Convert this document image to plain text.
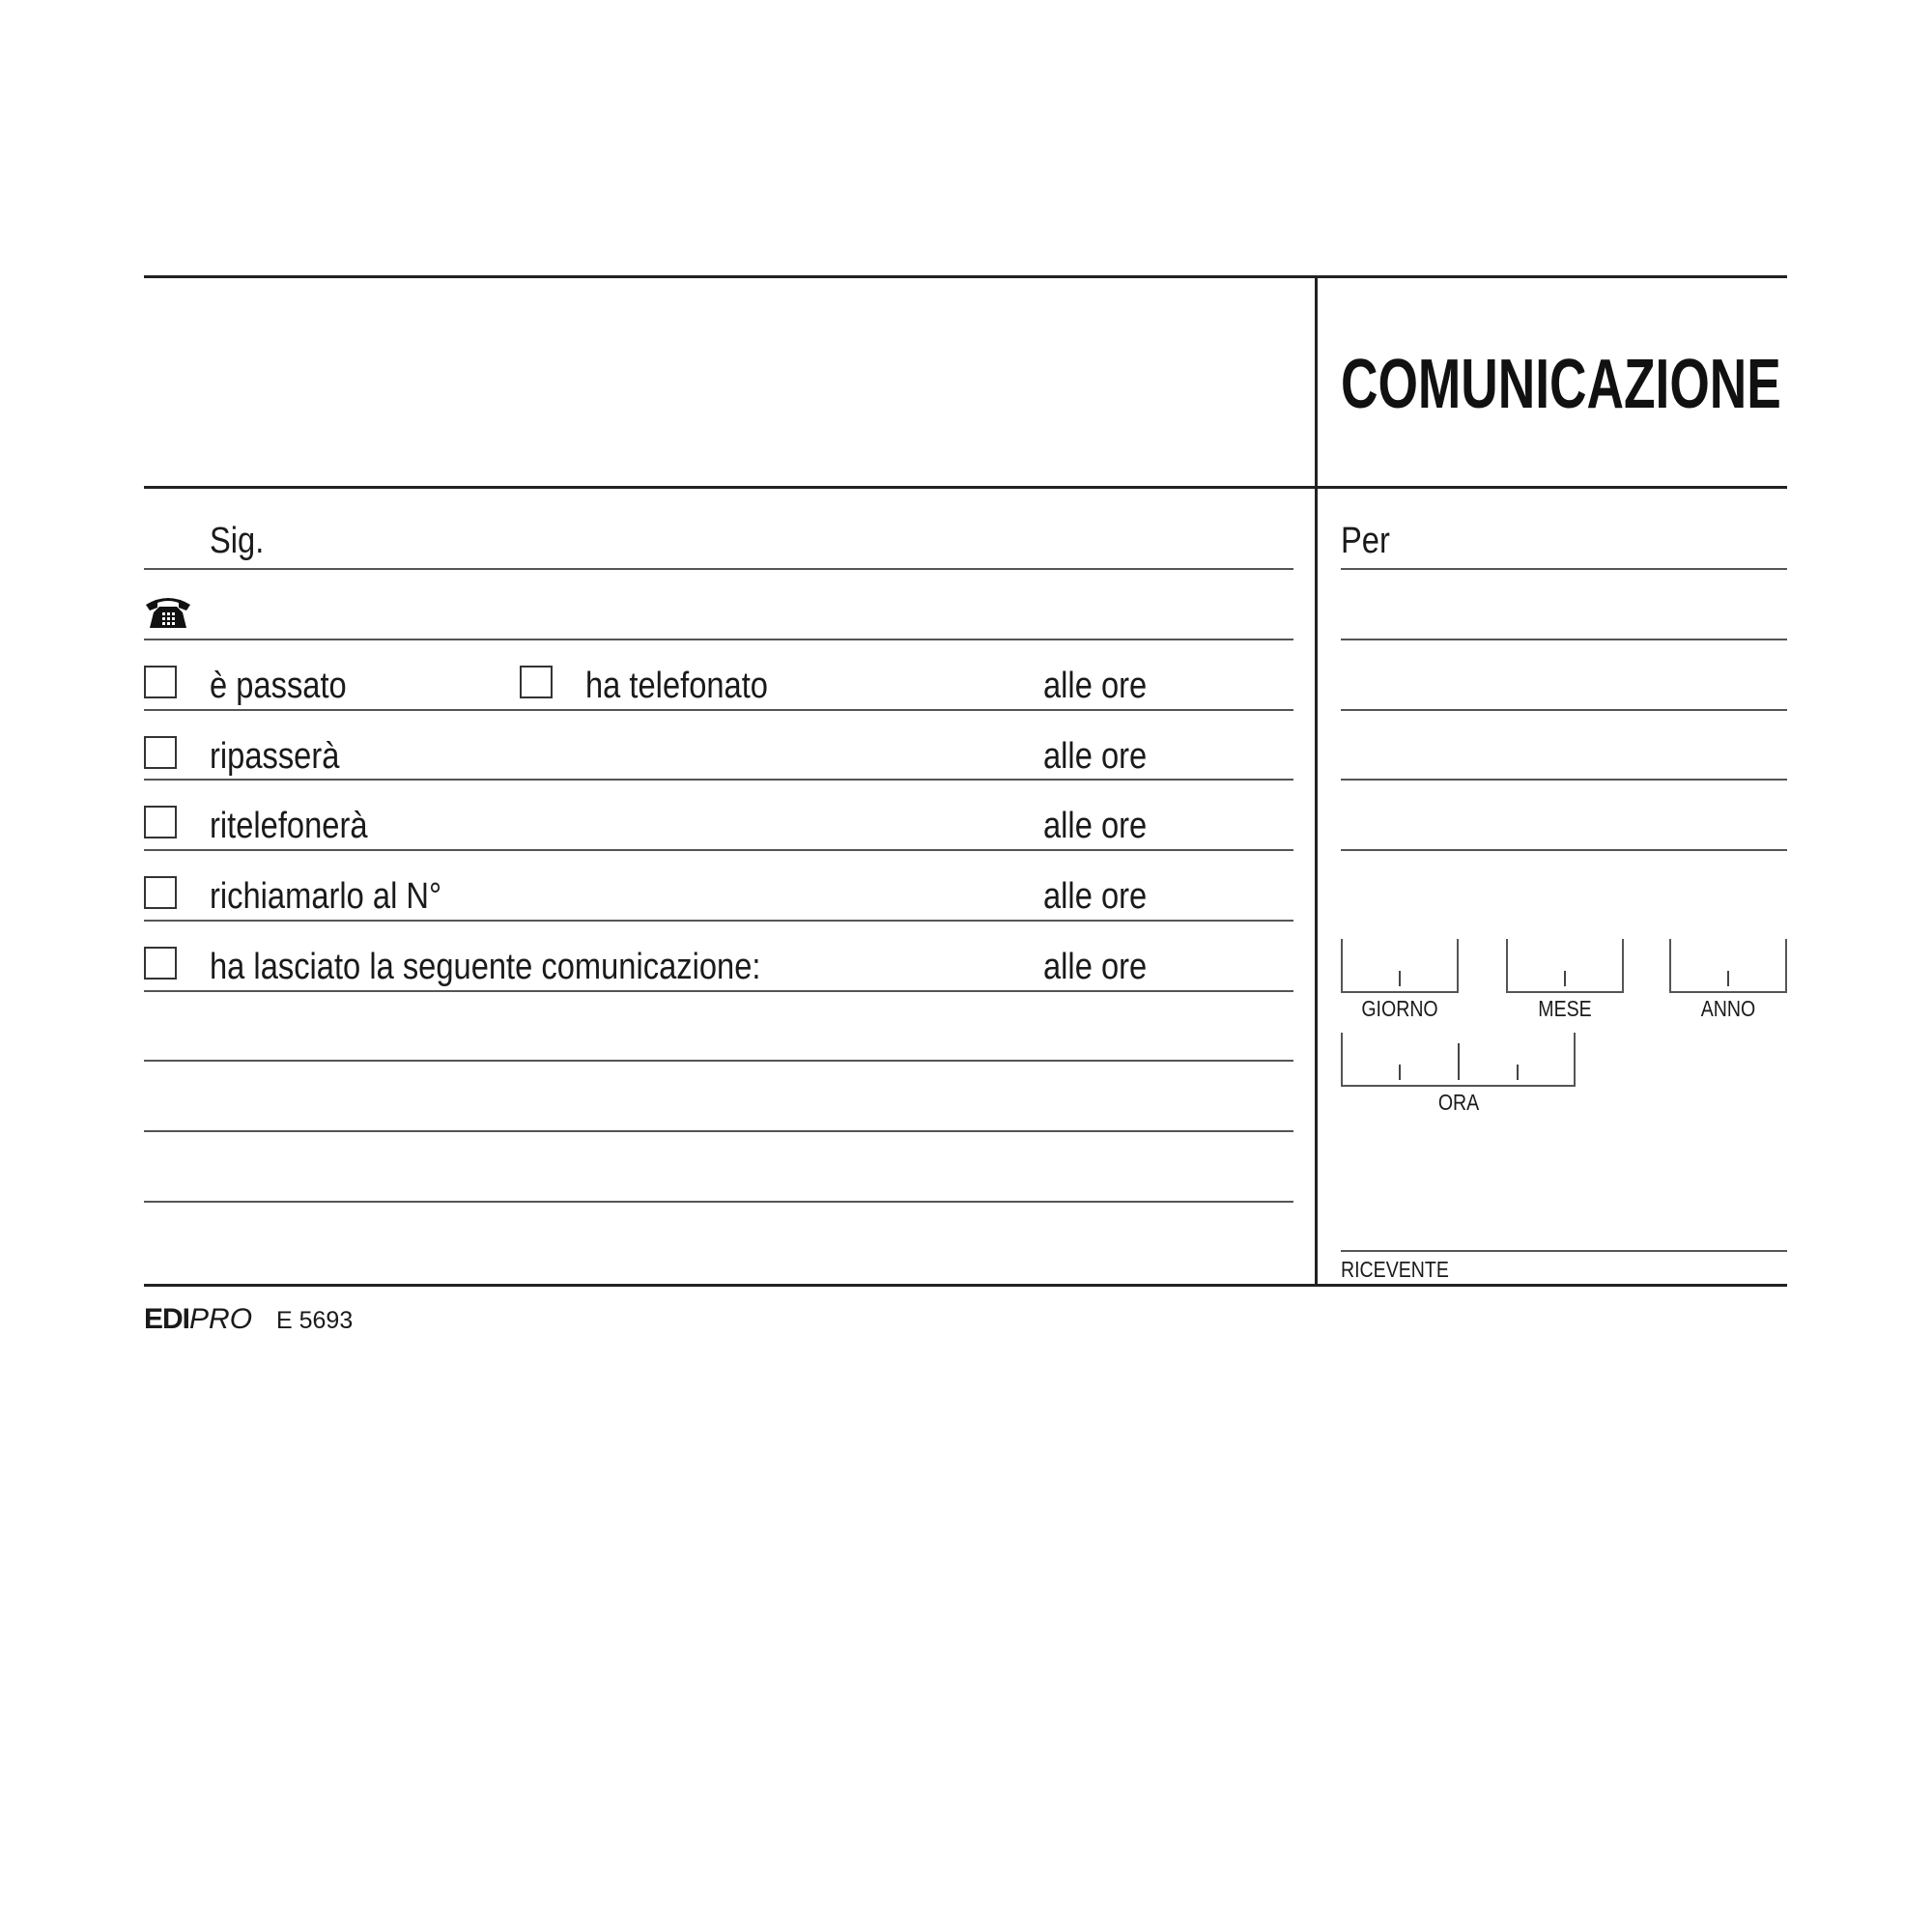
COMUNICAZIONE
Sig.
è passato	ha telefonato	alle ore
ripasserà	alle ore
ritelefonerà	alle ore
richiamarlo al N°	alle ore
ha lasciato la seguente comunicazione:	alle ore
Per
GIORNO	MESE	ANNO
ORA
RICEVENTE
EDIPRO E 5693
